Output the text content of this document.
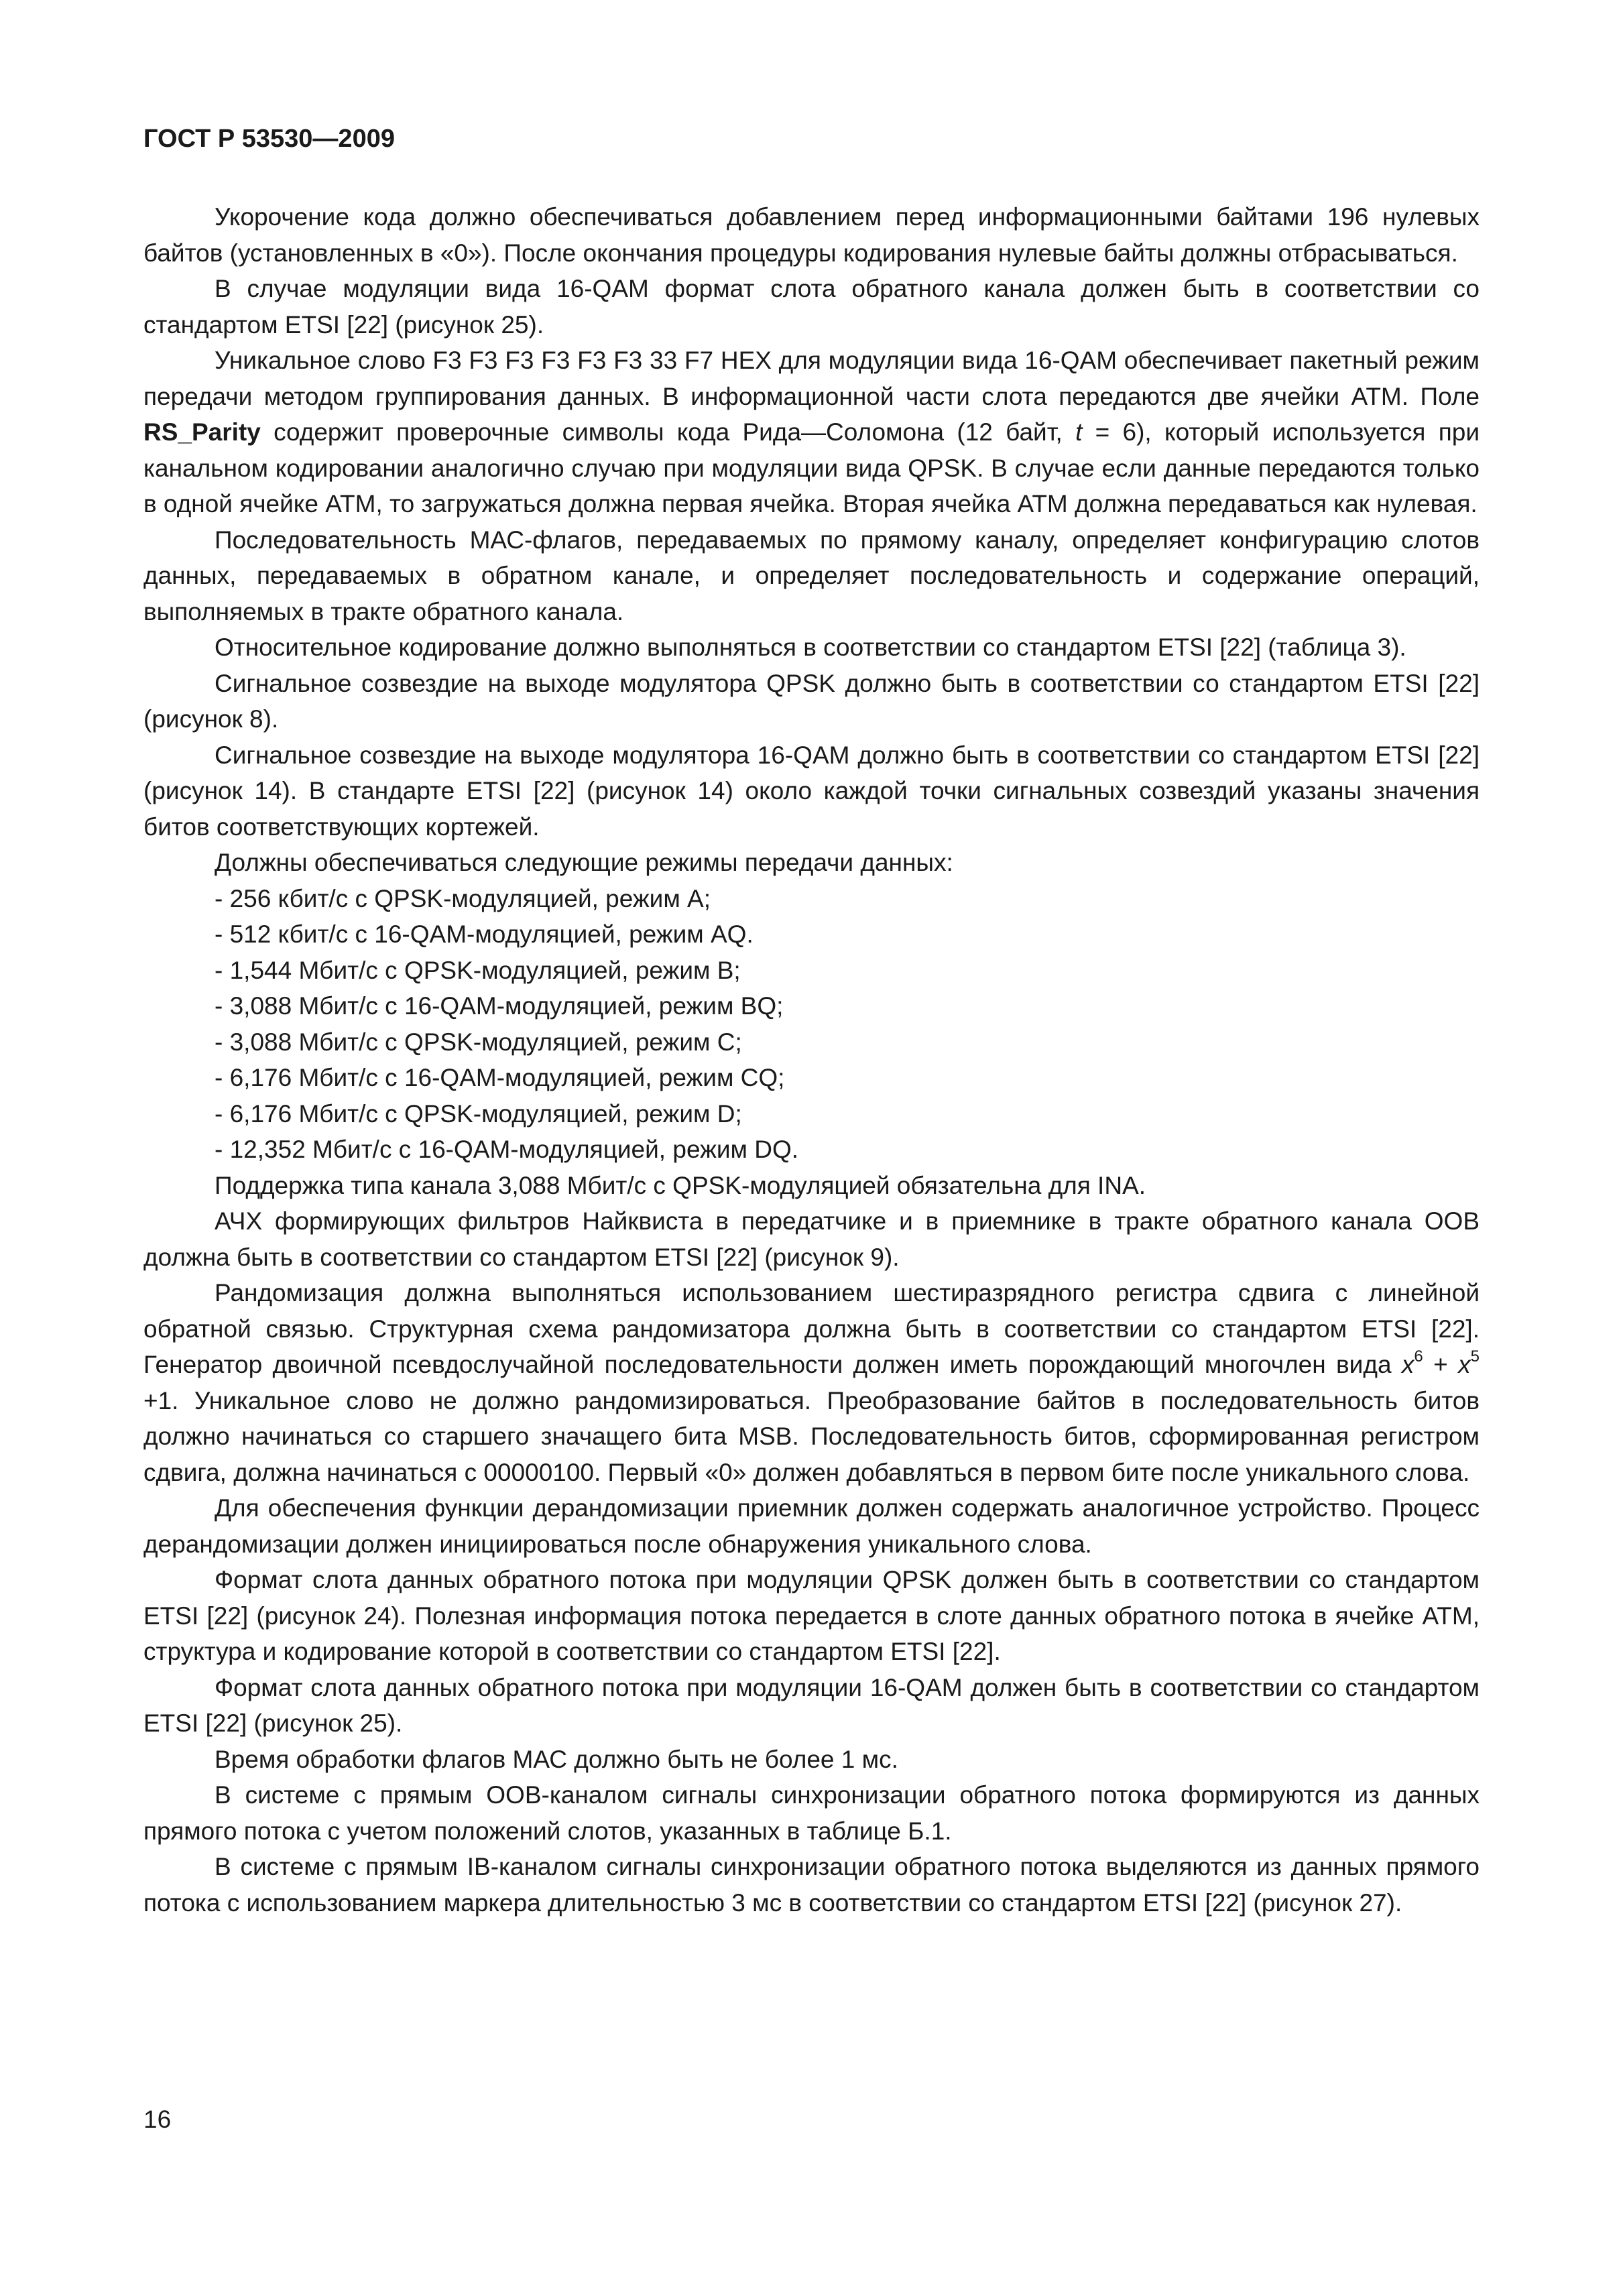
ГОСТ Р 53530—2009

Укорочение кода должно обеспечиваться добавлением перед информационными байтами 196 нулевых байтов (установленных в «0»). После окончания процедуры кодирования нулевые байты должны отбрасываться.

В случае модуляции вида 16-QAM формат слота обратного канала должен быть в соответствии со стандартом ETSI [22] (рисунок 25).

Уникальное слово F3 F3 F3 F3 F3 F3 33 F7 HEX для модуляции вида 16-QAM обеспечивает пакетный режим передачи методом группирования данных. В информационной части слота передаются две ячейки АТМ. Поле RS_Parity содержит проверочные символы кода Рида—Соломона (12 байт, t = 6), который используется при канальном кодировании аналогично случаю при модуляции вида QPSK. В случае если данные передаются только в одной ячейке АТМ, то загружаться должна первая ячейка. Вторая ячейка АТМ должна передаваться как нулевая.

Последовательность МАС-флагов, передаваемых по прямому каналу, определяет конфигурацию слотов данных, передаваемых в обратном канале, и определяет последовательность и содержание операций, выполняемых в тракте обратного канала.

Относительное кодирование должно выполняться в соответствии со стандартом ETSI [22] (таблица 3).

Сигнальное созвездие на выходе модулятора QPSK должно быть в соответствии со стандартом ETSI [22] (рисунок 8).

Сигнальное созвездие на выходе модулятора 16-QAM должно быть в соответствии со стандартом ETSI [22] (рисунок 14). В стандарте ETSI [22] (рисунок 14) около каждой точки сигнальных созвездий указаны значения битов соответствующих кортежей.

Должны обеспечиваться следующие режимы передачи данных:

- 256 кбит/с с QPSK-модуляцией, режим А;
- 512 кбит/с с 16-QAM-модуляцией, режим AQ.
- 1,544 Мбит/с с QPSK-модуляцией, режим В;
- 3,088 Мбит/с с 16-QAM-модуляцией, режим BQ;
- 3,088 Мбит/с с QPSK-модуляцией, режим С;
- 6,176 Мбит/с с 16-QAM-модуляцией, режим CQ;
- 6,176 Мбит/с с QPSK-модуляцией, режим D;
- 12,352 Мбит/с с 16-QAM-модуляцией, режим DQ.

Поддержка типа канала 3,088 Мбит/с с QPSK-модуляцией обязательна для INA.

АЧХ формирующих фильтров Найквиста в передатчике и в приемнике в тракте обратного канала ООВ должна быть в соответствии со стандартом ETSI [22] (рисунок 9).

Рандомизация должна выполняться использованием шестиразрядного регистра сдвига с линейной обратной связью. Структурная схема рандомизатора должна быть в соответствии со стандартом ETSI [22]. Генератор двоичной псевдослучайной последовательности должен иметь порождающий многочлен вида $x^6 + x^5 +1$. Уникальное слово не должно рандомизироваться. Преобразование байтов в последовательность битов должно начинаться со старшего значащего бита MSB. Последовательность битов, сформированная регистром сдвига, должна начинаться с 00000100. Первый «0» должен добавляться в первом бите после уникального слова.

Для обеспечения функции дерандомизации приемник должен содержать аналогичное устройство. Процесс дерандомизации должен инициироваться после обнаружения уникального слова.

Формат слота данных обратного потока при модуляции QPSK должен быть в соответствии со стандартом ETSI [22] (рисунок 24). Полезная информация потока передается в слоте данных обратного потока в ячейке АТМ, структура и кодирование которой в соответствии со стандартом ETSI [22].

Формат слота данных обратного потока при модуляции 16-QAM должен быть в соответствии со стандартом ETSI [22] (рисунок 25).

Время обработки флагов МАС должно быть не более 1 мс.

В системе с прямым ООВ-каналом сигналы синхронизации обратного потока формируются из данных прямого потока с учетом положений слотов, указанных в таблице Б.1.

В системе с прямым IB-каналом сигналы синхронизации обратного потока выделяются из данных прямого потока с использованием маркера длительностью 3 мс в соответствии со стандартом ETSI [22] (рисунок 27).

16
